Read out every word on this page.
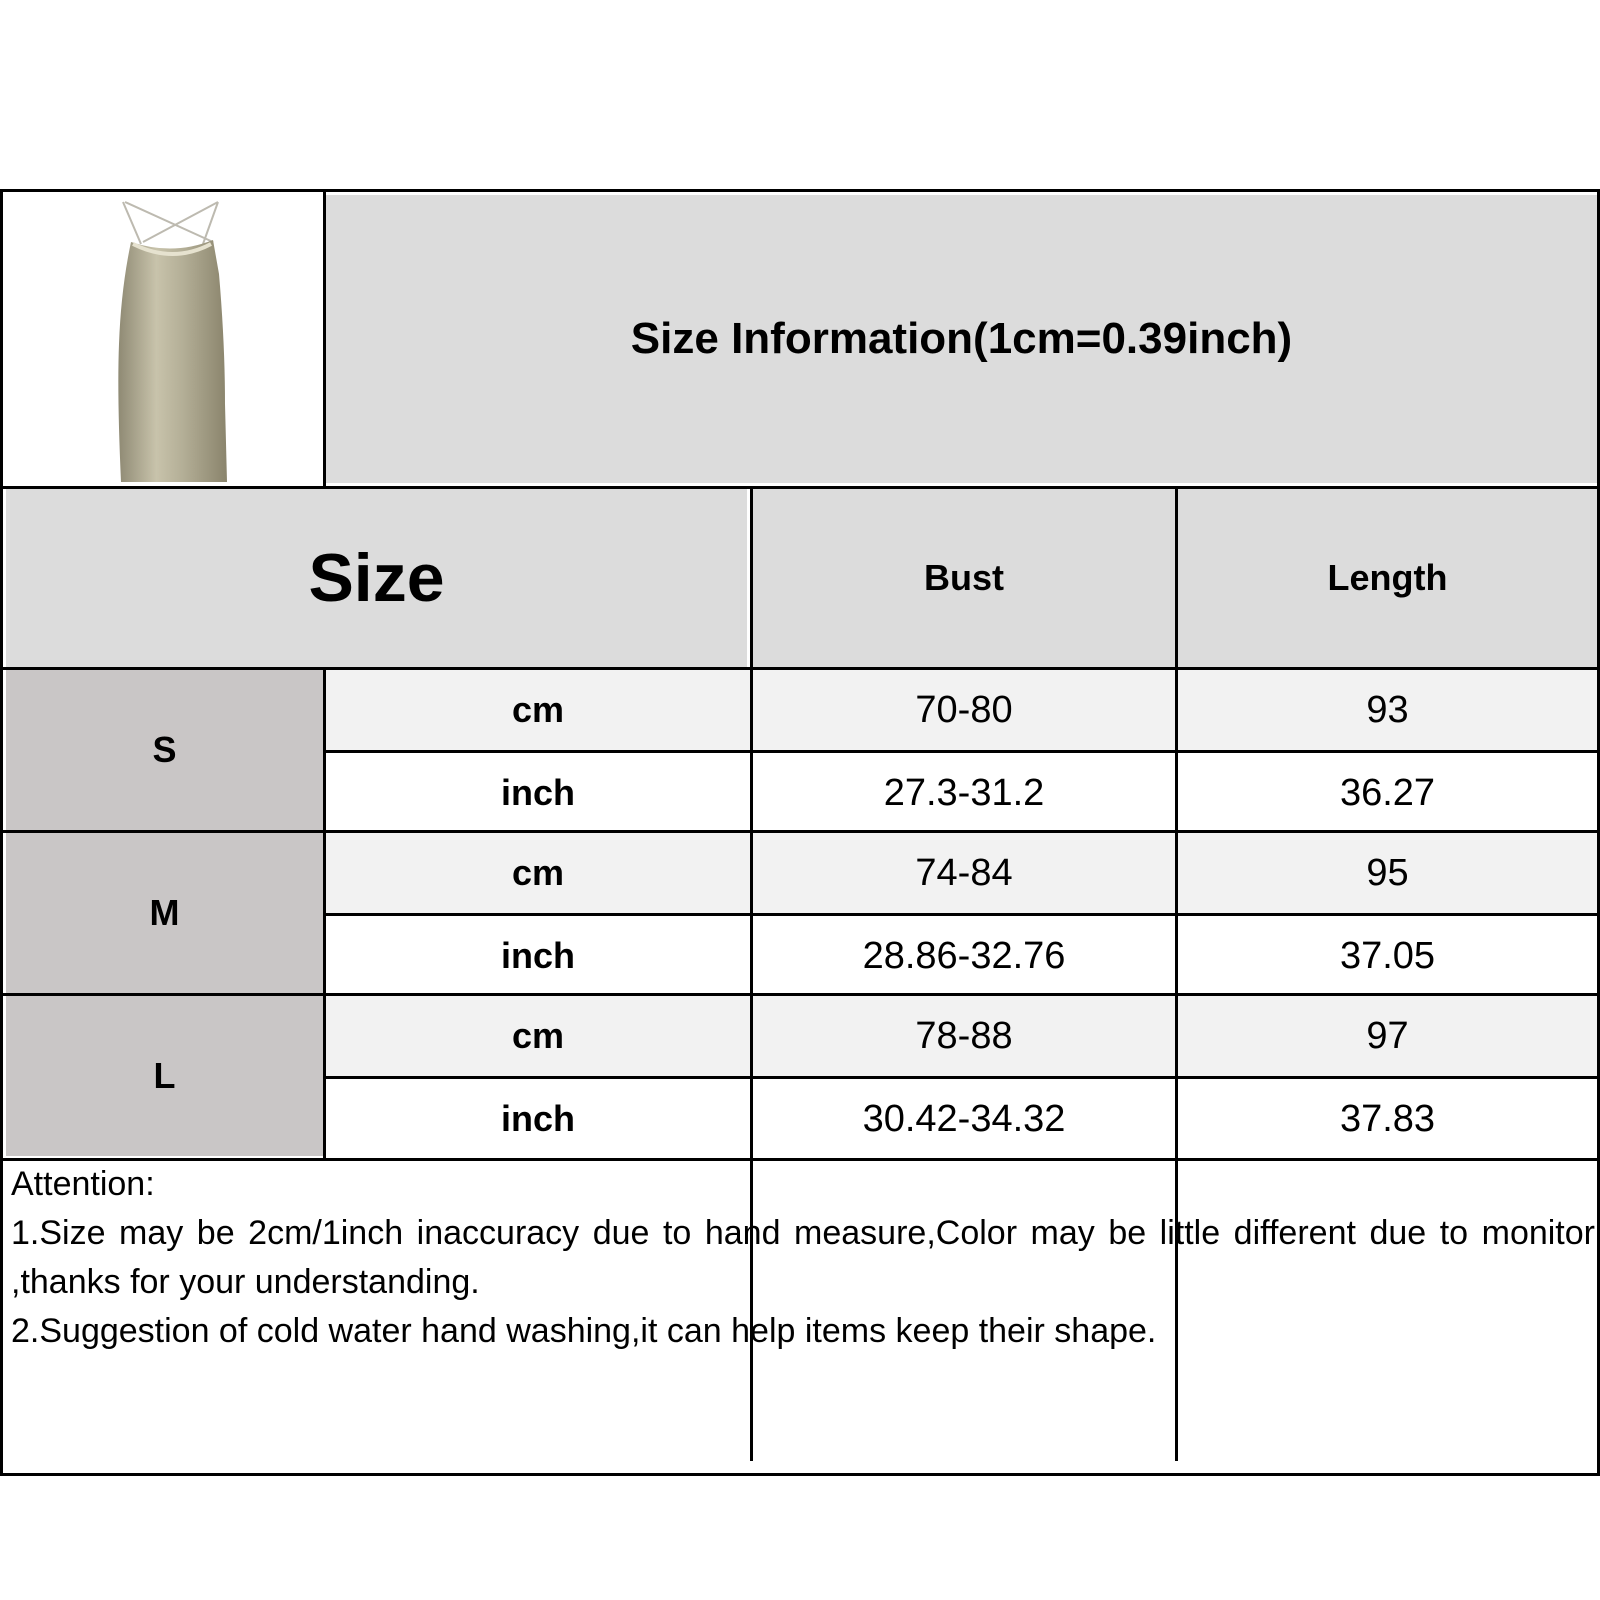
Size Information(1cm=0.39inch)
Size	Bust	Length
S
cm	70-80	93
inch	27.3-31.2	36.27
M
cm	74-84	95
inch	28.86-32.76	37.05
L
cm	78-88	97
inch	30.42-34.32	37.83

Attention:

1.Size may be 2cm/1inch inaccuracy due to hand measure,Color may be little different due to monitor ,thanks for your understanding.

2.Suggestion of cold water hand washing,it can help items keep their shape.
